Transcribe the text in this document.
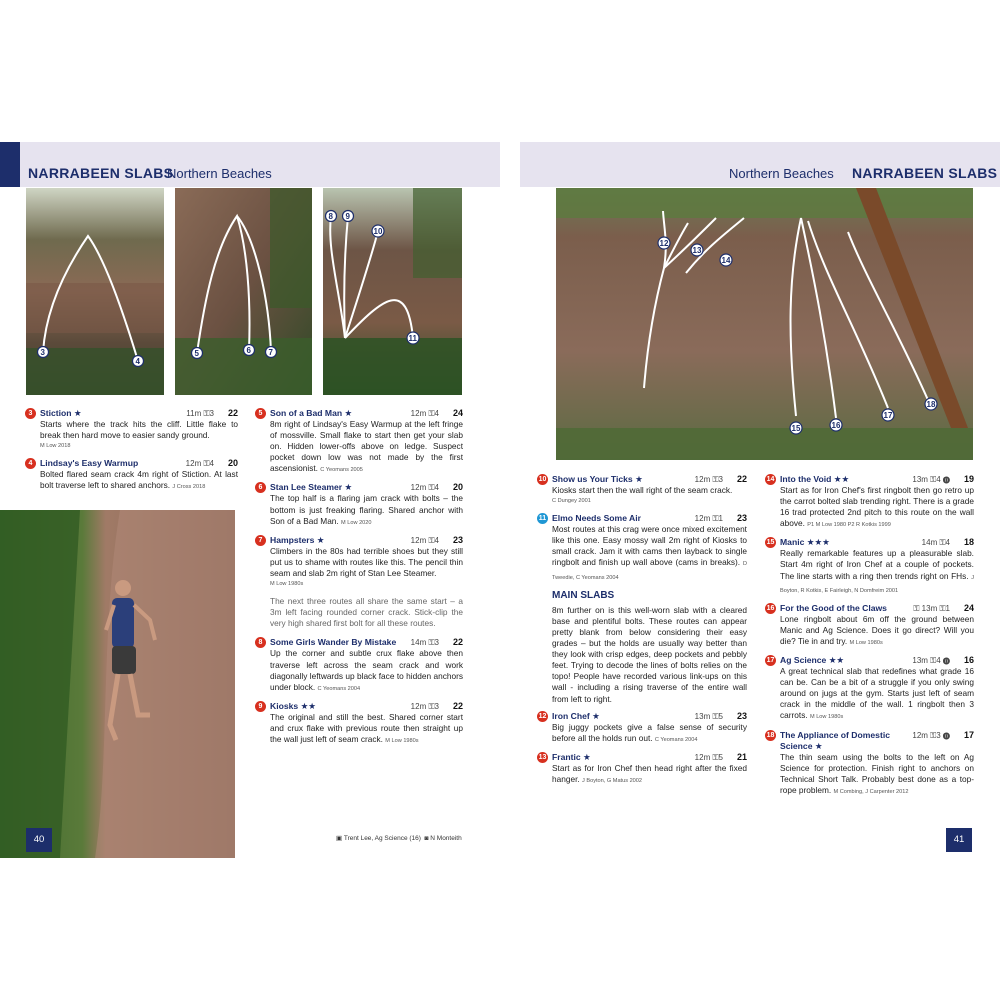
NARRABEEN SLABS
Northern Beaches
3
4
5	6 7
8 9
10
11
3 Stiction ★	11m ⚿3	22
Starts where the track hits the cliff. Little flake to break then hard move to easier sandy ground.
M Low 2018
4 Lindsay's Easy Warmup	12m ⚿4	20
Bolted flared seam crack 4m right of Stiction. At last bolt traverse left to shared anchors. J Cross 2018
40
5 Son of a Bad Man ★	12m ⚿4	24
8m right of Lindsay's Easy Warmup at the left fringe of mossville. Small flake to start then get your slab on. Hidden lower-offs above on ledge. Suspect pocket down low was not made by the first ascensionist. C Yeomans 2005
6 Stan Lee Steamer ★	12m ⚿4	20
The top half is a flaring jam crack with bolts – the bottom is just freaking flaring. Shared anchor with Son of a Bad Man. M Low 2020
7 Hampsters ★	12m ⚿4	23
Climbers in the 80s had terrible shoes but they still put us to shame with routes like this. The pencil thin seam and slab 2m right of Stan Lee Steamer.
M Low 1980s
The next three routes all share the same start – a 3m left facing rounded corner crack. Stick-clip the very high shared first bolt for all these routes.
8 Some Girls Wander By Mistake	14m ⚿3	22
Up the corner and subtle crux flake above then traverse left across the seam crack and work diagonally leftwards up black face to hidden anchors under block. C Yeomans 2004
9 Kiosks ★★	12m ⚿3	22
The original and still the best. Shared corner start and crux flake with previous route then straight up the wall just left of seam crack. M Low 1980s
▣ Trent Lee, Ag Science (16)  ◙ N Monteith
Northern Beaches NARRABEEN SLABS
12
13
14
15	16
17
18
10 Show us Your Ticks ★	12m ⚿3	22
Kiosks start then the wall right of the seam crack.
C Dungey 2001
11 Elmo Needs Some Air	12m ⚿1	23
Most routes at this crag were once mixed excitement like this one. Easy mossy wall 2m right of Kiosks to small crack. Jam it with cams then layback to single ringbolt and finish up wall above (cams in breaks). D Tweedie, C Yeomans 2004
MAIN SLABS
8m further on is this well-worn slab with a cleared base and plentiful bolts. These routes can appear pretty blank from below considering their easy grades – but the holds are usually way better than they look with crisp edges, deep pockets and pebbly feet. Trying to decode the lines of bolts relies on the topo! People have recorded various link-ups on this wall - including a rising traverse of the entire wall from left to right.
12 Iron Chef ★	13m ⚿5	23
Big juggy pockets give a false sense of security before all the holds run out. C Yeomans 2004
13 Frantic ★	12m ⚿5	21
Start as for Iron Chef then head right after the fixed hanger. J Boyton, G Matus 2002
14 Into the Void ★★	13m ⚿4 ⓿	19
Start as for Iron Chef's first ringbolt then go retro up the carrot bolted slab trending right. There is a grade 16 trad protected 2nd pitch to this route on the wall above. P1 M Low 1980 P2 R Kotkis 1999
15 Manic ★★★	14m ⚿4	18
Really remarkable features up a pleasurable slab. Start 4m right of Iron Chef at a couple of pockets. The line starts with a ring then trends right on FHs. J Boyton, R Kotkis, E Fairleigh, N Domfreim 2001
16 For the Good of the Claws	⚿ 13m ⚿1	24
Lone ringbolt about 6m off the ground between Manic and Ag Science. Does it go direct? Will you die? Tie in and try. M Low 1980s
17 Ag Science ★★	13m ⚿4 ⓿	16
A great technical slab that redefines what grade 16 can be. Can be a bit of a struggle if you only swing around on jugs at the gym. Starts just left of seam crack in the middle of the wall. 1 ringbolt then 3 carrots. M Low 1980s
18 The Appliance of Domestic Science ★
12m ⚿3 ⓿	17
The thin seam using the bolts to the left on Ag Science for protection. Finish right to anchors on Technical Short Talk. Probably best done as a top-rope problem. M Combing, J Carpenter 2012
41
